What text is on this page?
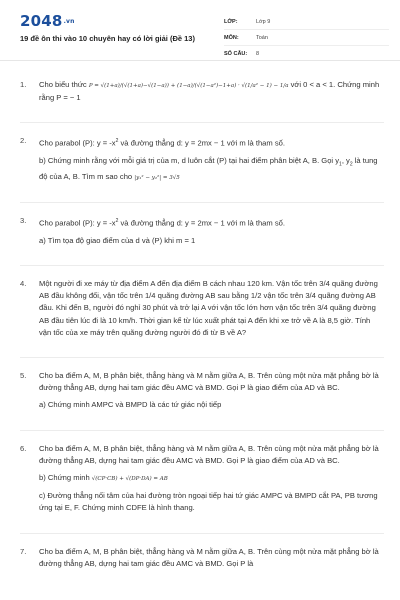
2048.vn
19 đề ôn thi vào 10 chuyên hay có lời giải (Đề 13)
LỚP:	Lớp 9
MÔN:	Toán
SỐ CÂU:	8
1.	Cho biểu thức P = √(1+a)/(√(1+a)−√(1−a)) + (1−a)/(√(1−a²)−1+a) · √(1/a² − 1) − 1/a với 0 < a < 1. Chứng minh rằng P = − 1

2.	Cho parabol (P): $y = -x^2$ và đường thẳng d: y = 2mx − 1 với m là tham số.

b) Chứng minh rằng với mỗi giá trị của m, d luôn cắt (P) tại hai điểm phân biệt A, B. Gọi $y_1$, $y_2$ là tung độ của A, B. Tìm m sao cho |y₁² − y₂²| = 3√5

3.	Cho parabol (P): $y = -x^2$ và đường thẳng d: y = 2mx − 1 với m là tham số.

a) Tìm tọa độ giao điểm của d và (P) khi m = 1

4.	Một người đi xe máy từ địa điểm A đến địa điểm B cách nhau 120 km. Vận tốc trên 3/4 quãng đường AB đầu không đổi, vận tốc trên 1/4 quãng đường AB sau bằng 1/2 vận tốc trên 3/4 quãng đường AB đầu. Khi đến B, người đó nghỉ 30 phút và trở lại A với vận tốc lớn hơn vận tốc trên 3/4 quãng đường AB đầu tiên lúc đi là 10 km/h. Thời gian kể từ lúc xuất phát tại A đến khi xe trở về A là 8,5 giờ. Tính vận tốc của xe máy trên quãng đường người đó đi từ B về A?

5.	Cho ba điểm A, M, B phân biệt, thẳng hàng và M nằm giữa A, B. Trên cùng một nửa mặt phẳng bờ là đường thẳng AB, dựng hai tam giác đều AMC và BMD. Gọi P là giao điểm của AD và BC.

a) Chứng minh AMPC và BMPD là các tứ giác nội tiếp

6.	Cho ba điểm A, M, B phân biệt, thẳng hàng và M nằm giữa A, B. Trên cùng một nửa mặt phẳng bờ là đường thẳng AB, dựng hai tam giác đều AMC và BMD. Gọi P là giao điểm của AD và BC.

b) Chứng minh √(CP·CB) + √(DP·DA) = AB

c) Đường thẳng nối tâm của hai đường tròn ngoại tiếp hai tứ giác AMPC và BMPD cắt PA, PB tương ứng tại E, F. Chứng minh CDFE là hình thang.

7.	Cho ba điểm A, M, B phân biệt, thẳng hàng và M nằm giữa A, B. Trên cùng một nửa mặt phẳng bờ là đường thẳng AB, dựng hai tam giác đều AMC và BMD. Gọi P là
